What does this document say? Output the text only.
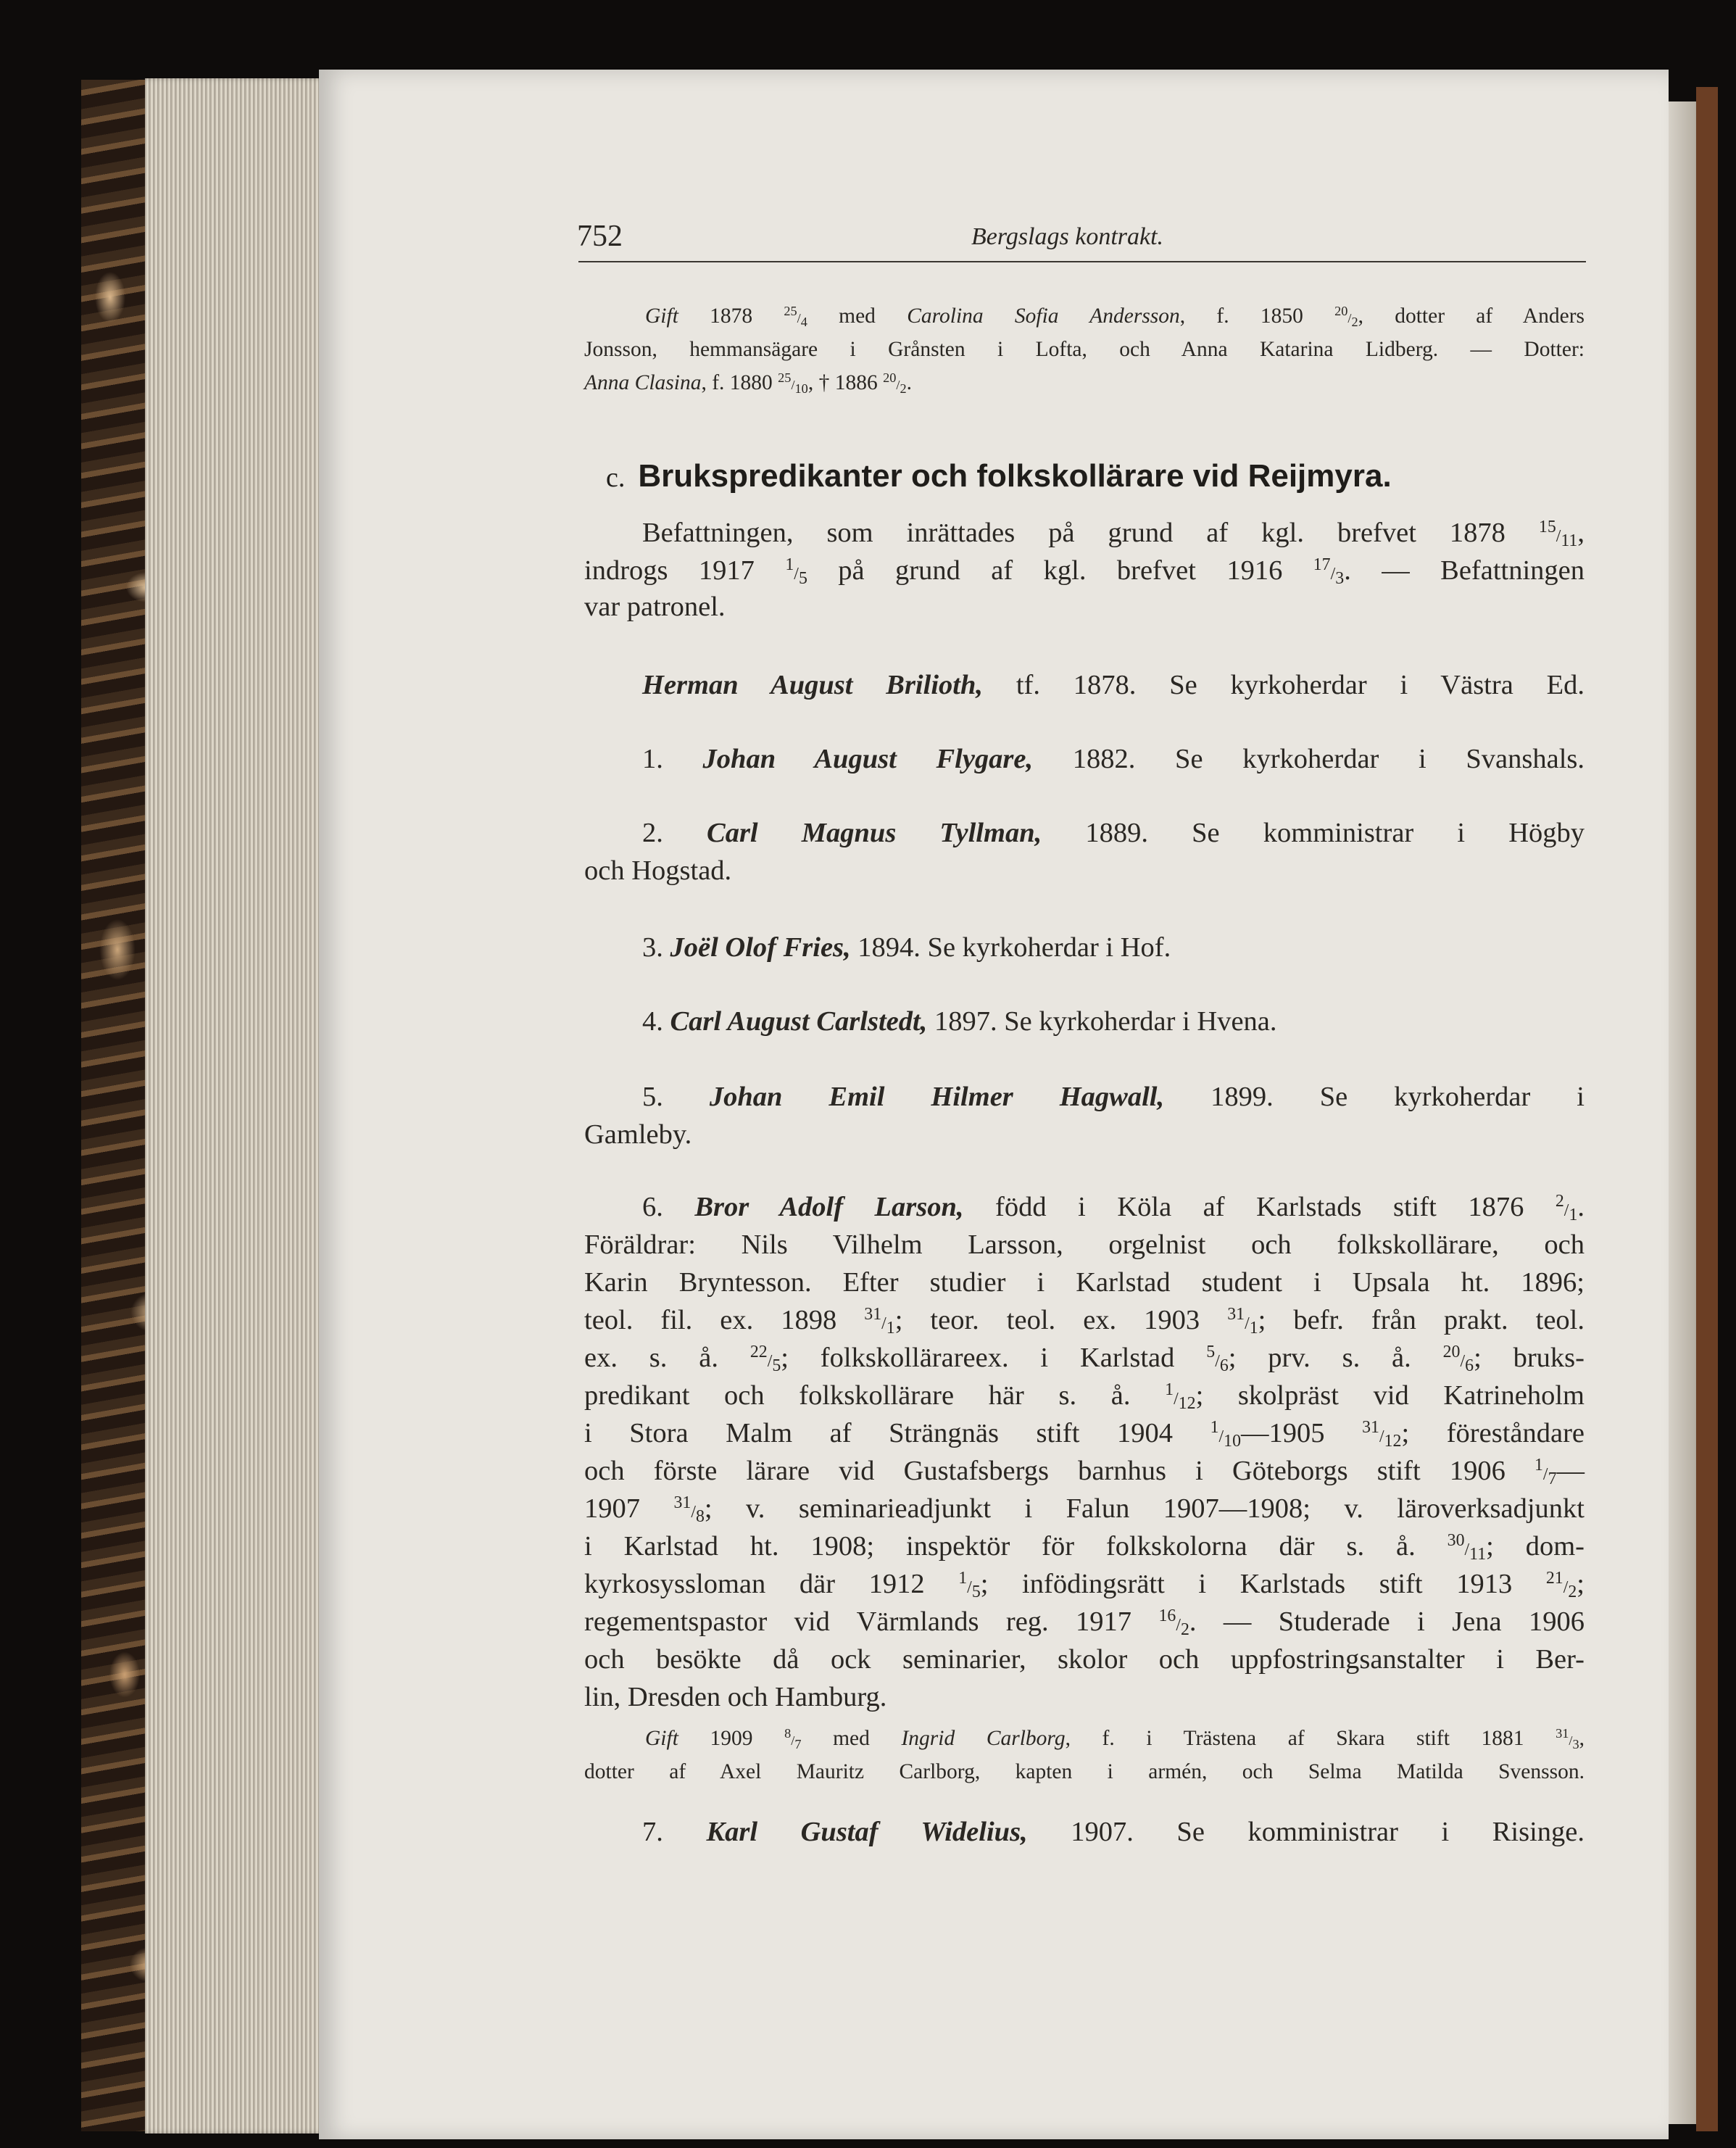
752	Bergslags kontrakt.
Gift 1878 25/4 med Carolina Sofia Andersson, f. 1850 20/2, dotter af Anders
Jonsson, hemmansägare i Grånsten i Lofta, och Anna Katarina Lidberg. — Dotter:
Anna Clasina, f. 1880 25/10, † 1886 20/2.
c. Brukspredikanter och folkskollärare vid Reijmyra.
Befattningen, som inrättades på grund af kgl. brefvet 1878 15/11,
indrogs 1917 1/5 på grund af kgl. brefvet 1916 17/3. — Befattningen
var patronel.
Herman August Brilioth, tf. 1878. Se kyrkoherdar i Västra Ed.
1. Johan August Flygare, 1882. Se kyrkoherdar i Svanshals.
2. Carl Magnus Tyllman, 1889. Se komministrar i Högby
och Hogstad.
3. Joël Olof Fries, 1894. Se kyrkoherdar i Hof.
4. Carl August Carlstedt, 1897. Se kyrkoherdar i Hvena.
5. Johan Emil Hilmer Hagwall, 1899. Se kyrkoherdar i
Gamleby.
6. Bror Adolf Larson, född i Köla af Karlstads stift 1876 2/1.
Föräldrar: Nils Vilhelm Larsson, orgelnist och folkskollärare, och
Karin Bryntesson. Efter studier i Karlstad student i Upsala ht. 1896;
teol. fil. ex. 1898 31/1; teor. teol. ex. 1903 31/1; befr. från prakt. teol.
ex. s. å. 22/5; folkskollärareex. i Karlstad 5/6; prv. s. å. 20/6; bruks-
predikant och folkskollärare här s. å. 1/12; skolpräst vid Katrineholm
i Stora Malm af Strängnäs stift 1904 1/10—1905 31/12; föreståndare
och förste lärare vid Gustafsbergs barnhus i Göteborgs stift 1906 1/7—
1907 31/8; v. seminarieadjunkt i Falun 1907—1908; v. läroverksadjunkt
i Karlstad ht. 1908; inspektör för folkskolorna där s. å. 30/11; dom-
kyrkosyssloman där 1912 1/5; infödingsrätt i Karlstads stift 1913 21/2;
regementspastor vid Värmlands reg. 1917 16/2. — Studerade i Jena 1906
och besökte då ock seminarier, skolor och uppfostringsanstalter i Ber-
lin, Dresden och Hamburg.
Gift 1909 8/7 med Ingrid Carlborg, f. i Trästena af Skara stift 1881 31/3,
dotter af Axel Mauritz Carlborg, kapten i armén, och Selma Matilda Svensson.
7. Karl Gustaf Widelius, 1907. Se komministrar i Risinge.
